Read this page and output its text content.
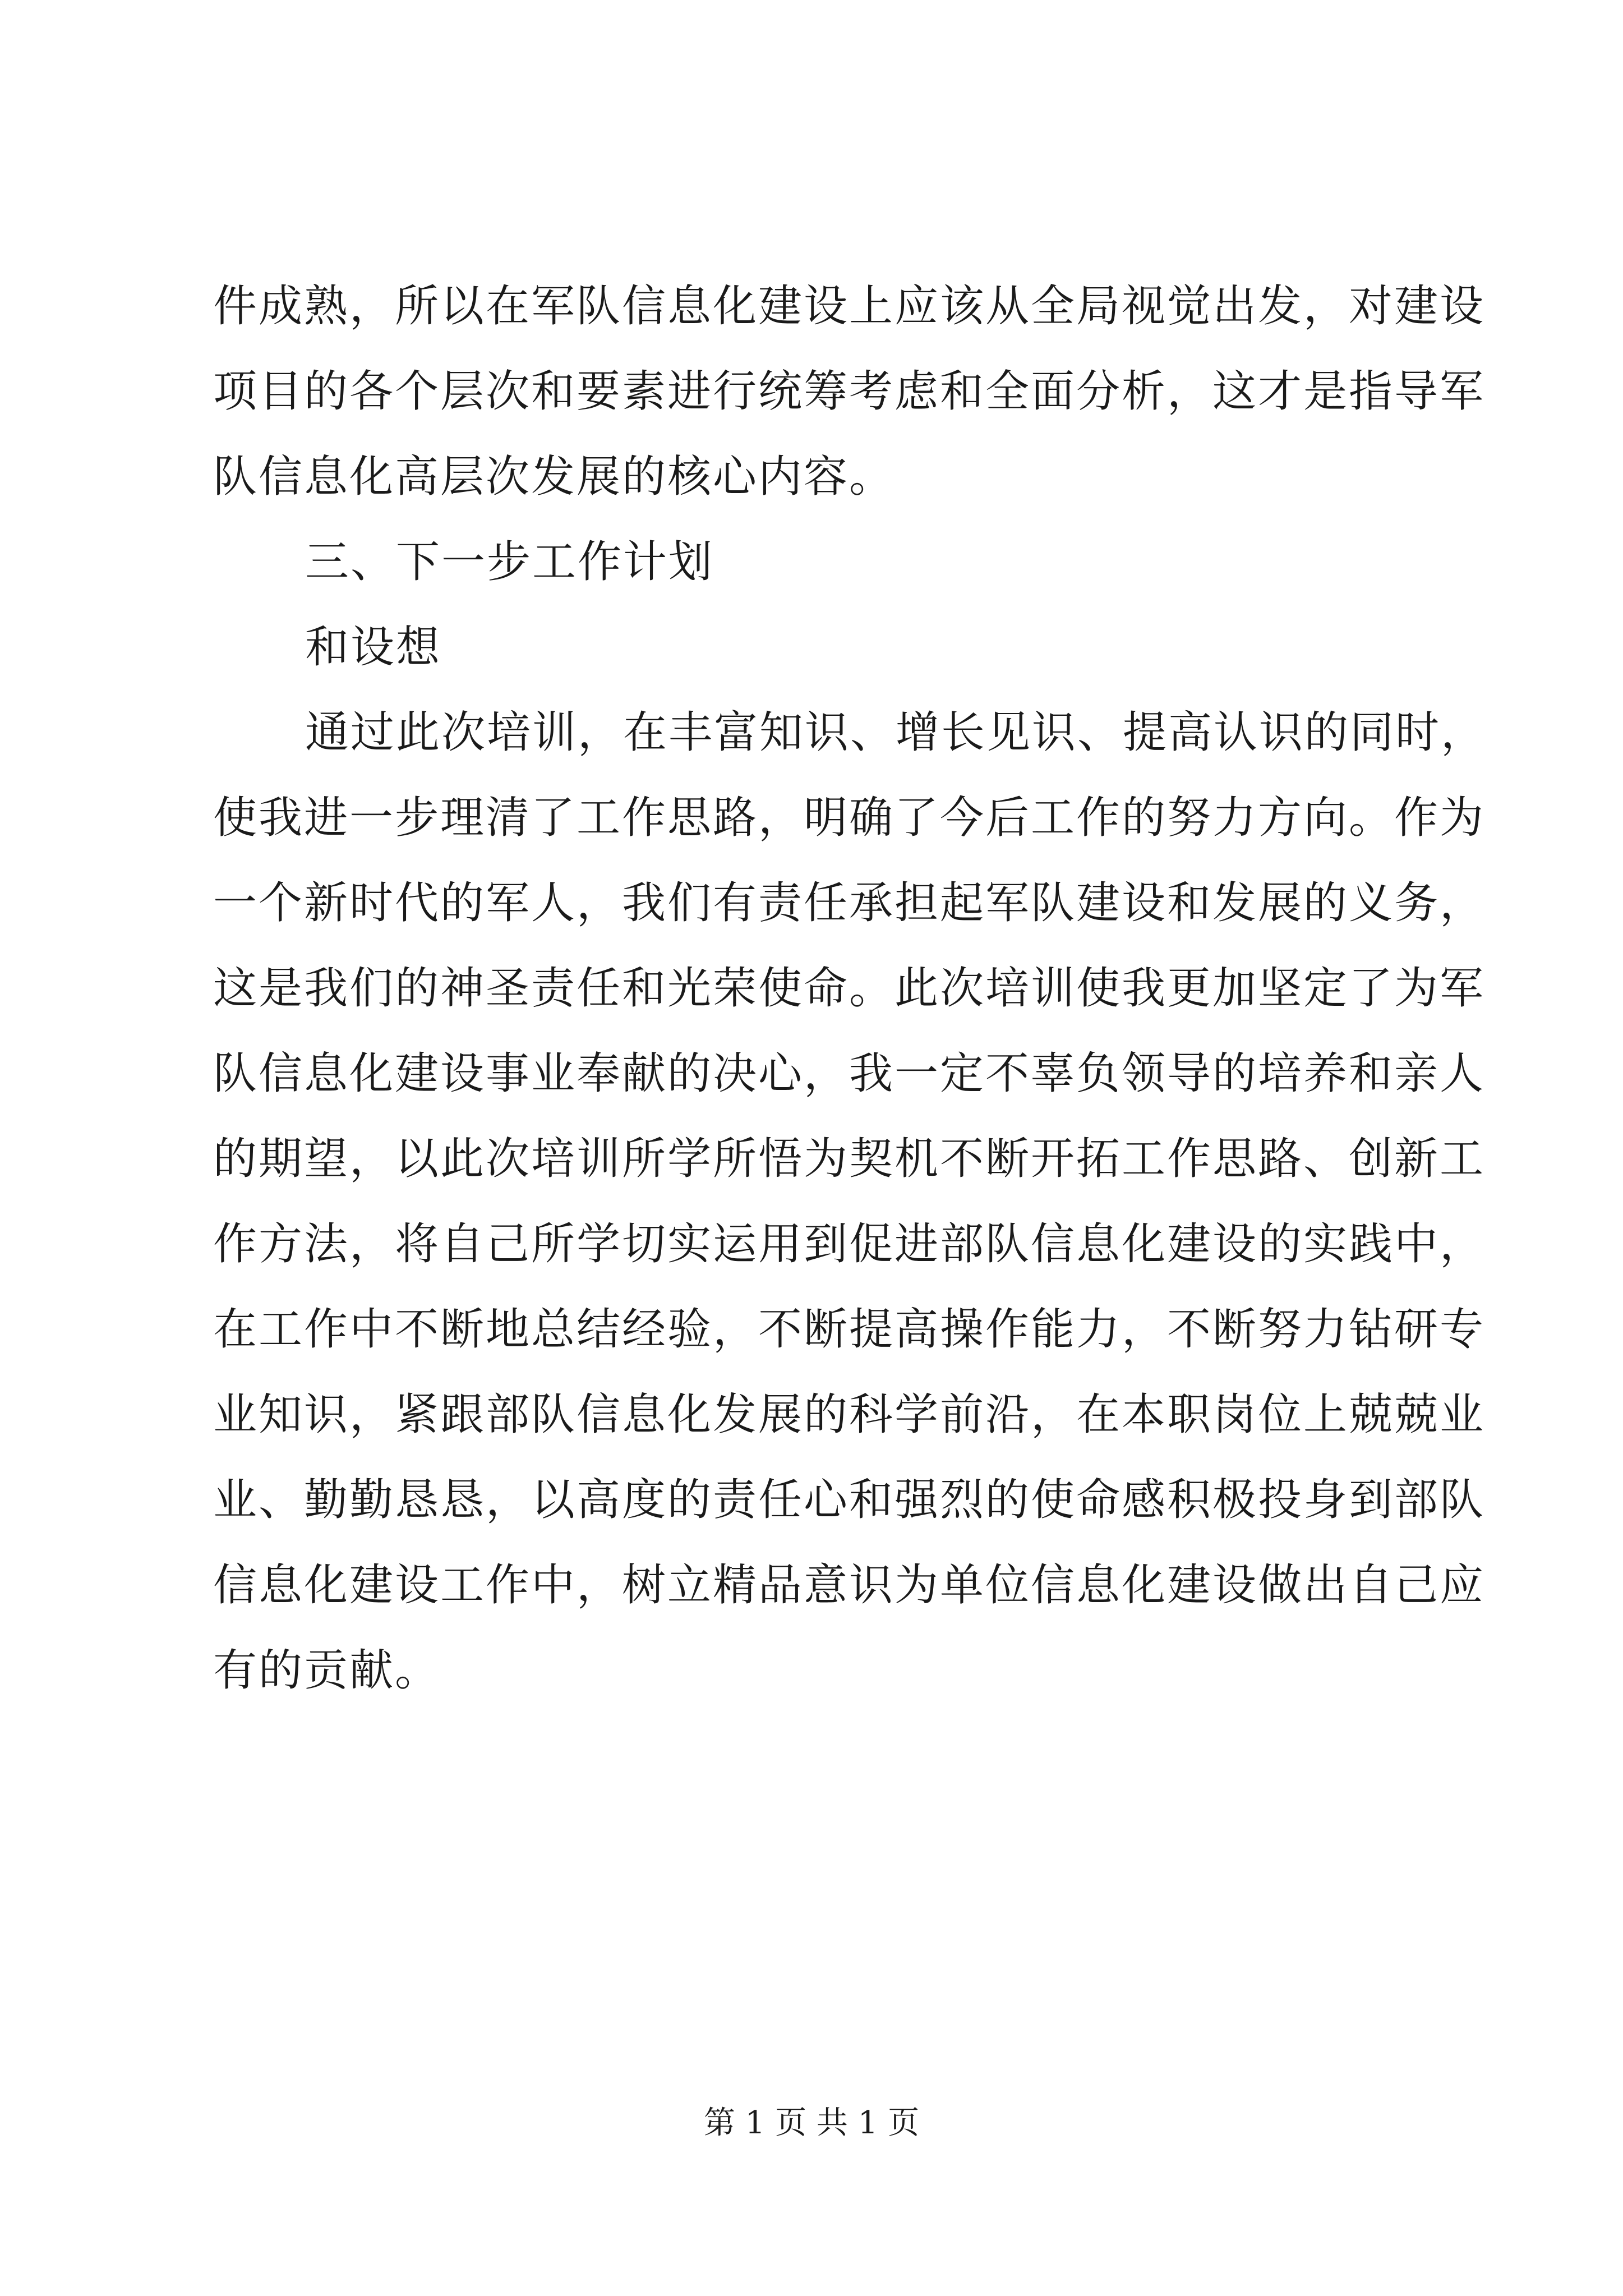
件成熟，所以在军队信息化建设上应该从全局视觉出发，对建设
项目的各个层次和要素进行统筹考虑和全面分析，这才是指导军
队信息化高层次发展的核心内容。
三、下一步工作计划
和设想
通过此次培训，在丰富知识、增长见识、提高认识的同时，
使我进一步理清了工作思路，明确了今后工作的努力方向。作为
一个新时代的军人，我们有责任承担起军队建设和发展的义务，
这是我们的神圣责任和光荣使命。此次培训使我更加坚定了为军
队信息化建设事业奉献的决心，我一定不辜负领导的培养和亲人
的期望，以此次培训所学所悟为契机不断开拓工作思路、创新工
作方法，将自己所学切实运用到促进部队信息化建设的实践中，
在工作中不断地总结经验，不断提高操作能力，不断努力钻研专
业知识，紧跟部队信息化发展的科学前沿，在本职岗位上兢兢业
业、勤勤恳恳，以高度的责任心和强烈的使命感积极投身到部队
信息化建设工作中，树立精品意识为单位信息化建设做出自己应
有的贡献。
第 1 页 共 1 页
